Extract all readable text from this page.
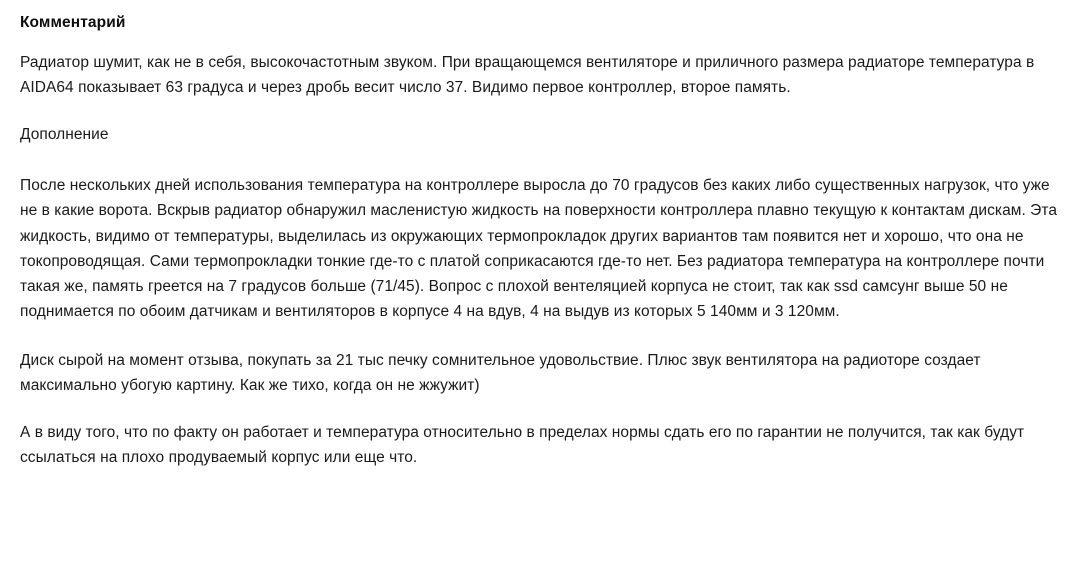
Комментарий

Радиатор шумит, как не в себя, высокочастотным звуком. При вращающемся вентиляторе и приличного размера радиаторе температура в AIDA64 показывает 63 градуса и через дробь весит число 37. Видимо первое контроллер, второе память.

Дополнение

После нескольких дней использования температура на контроллере выросла до 70 градусов без каких либо существенных нагрузок, что уже не в какие ворота. Вскрыв радиатор обнаружил масленистую жидкость на поверхности контроллера плавно текущую к контактам дискам. Эта жидкость, видимо от температуры, выделилась из окружающих термопрокладок других вариантов там появится нет и хорошо, что она не токопроводящая. Сами термопрокладки тонкие где-то с платой соприкасаются где-то нет. Без радиатора температура на контроллере почти такая же, память греется на 7 градусов больше (71/45). Вопрос с плохой вентеляцией корпуса не стоит, так как ssd самсунг выше 50 не поднимается по обоим датчикам и вентиляторов в корпусе 4 на вдув, 4 на выдув из которых 5 140мм и 3 120мм.

Диск сырой на момент отзыва, покупать за 21 тыс печку сомнительное удовольствие. Плюс звук вентилятора на радиоторе создает максимально убогую картину. Как же тихо, когда он не жжужит)

А в виду того, что по факту он работает и температура относительно в пределах нормы сдать его по гарантии не получится, так как будут ссылаться на плохо продуваемый корпус или еще что.
